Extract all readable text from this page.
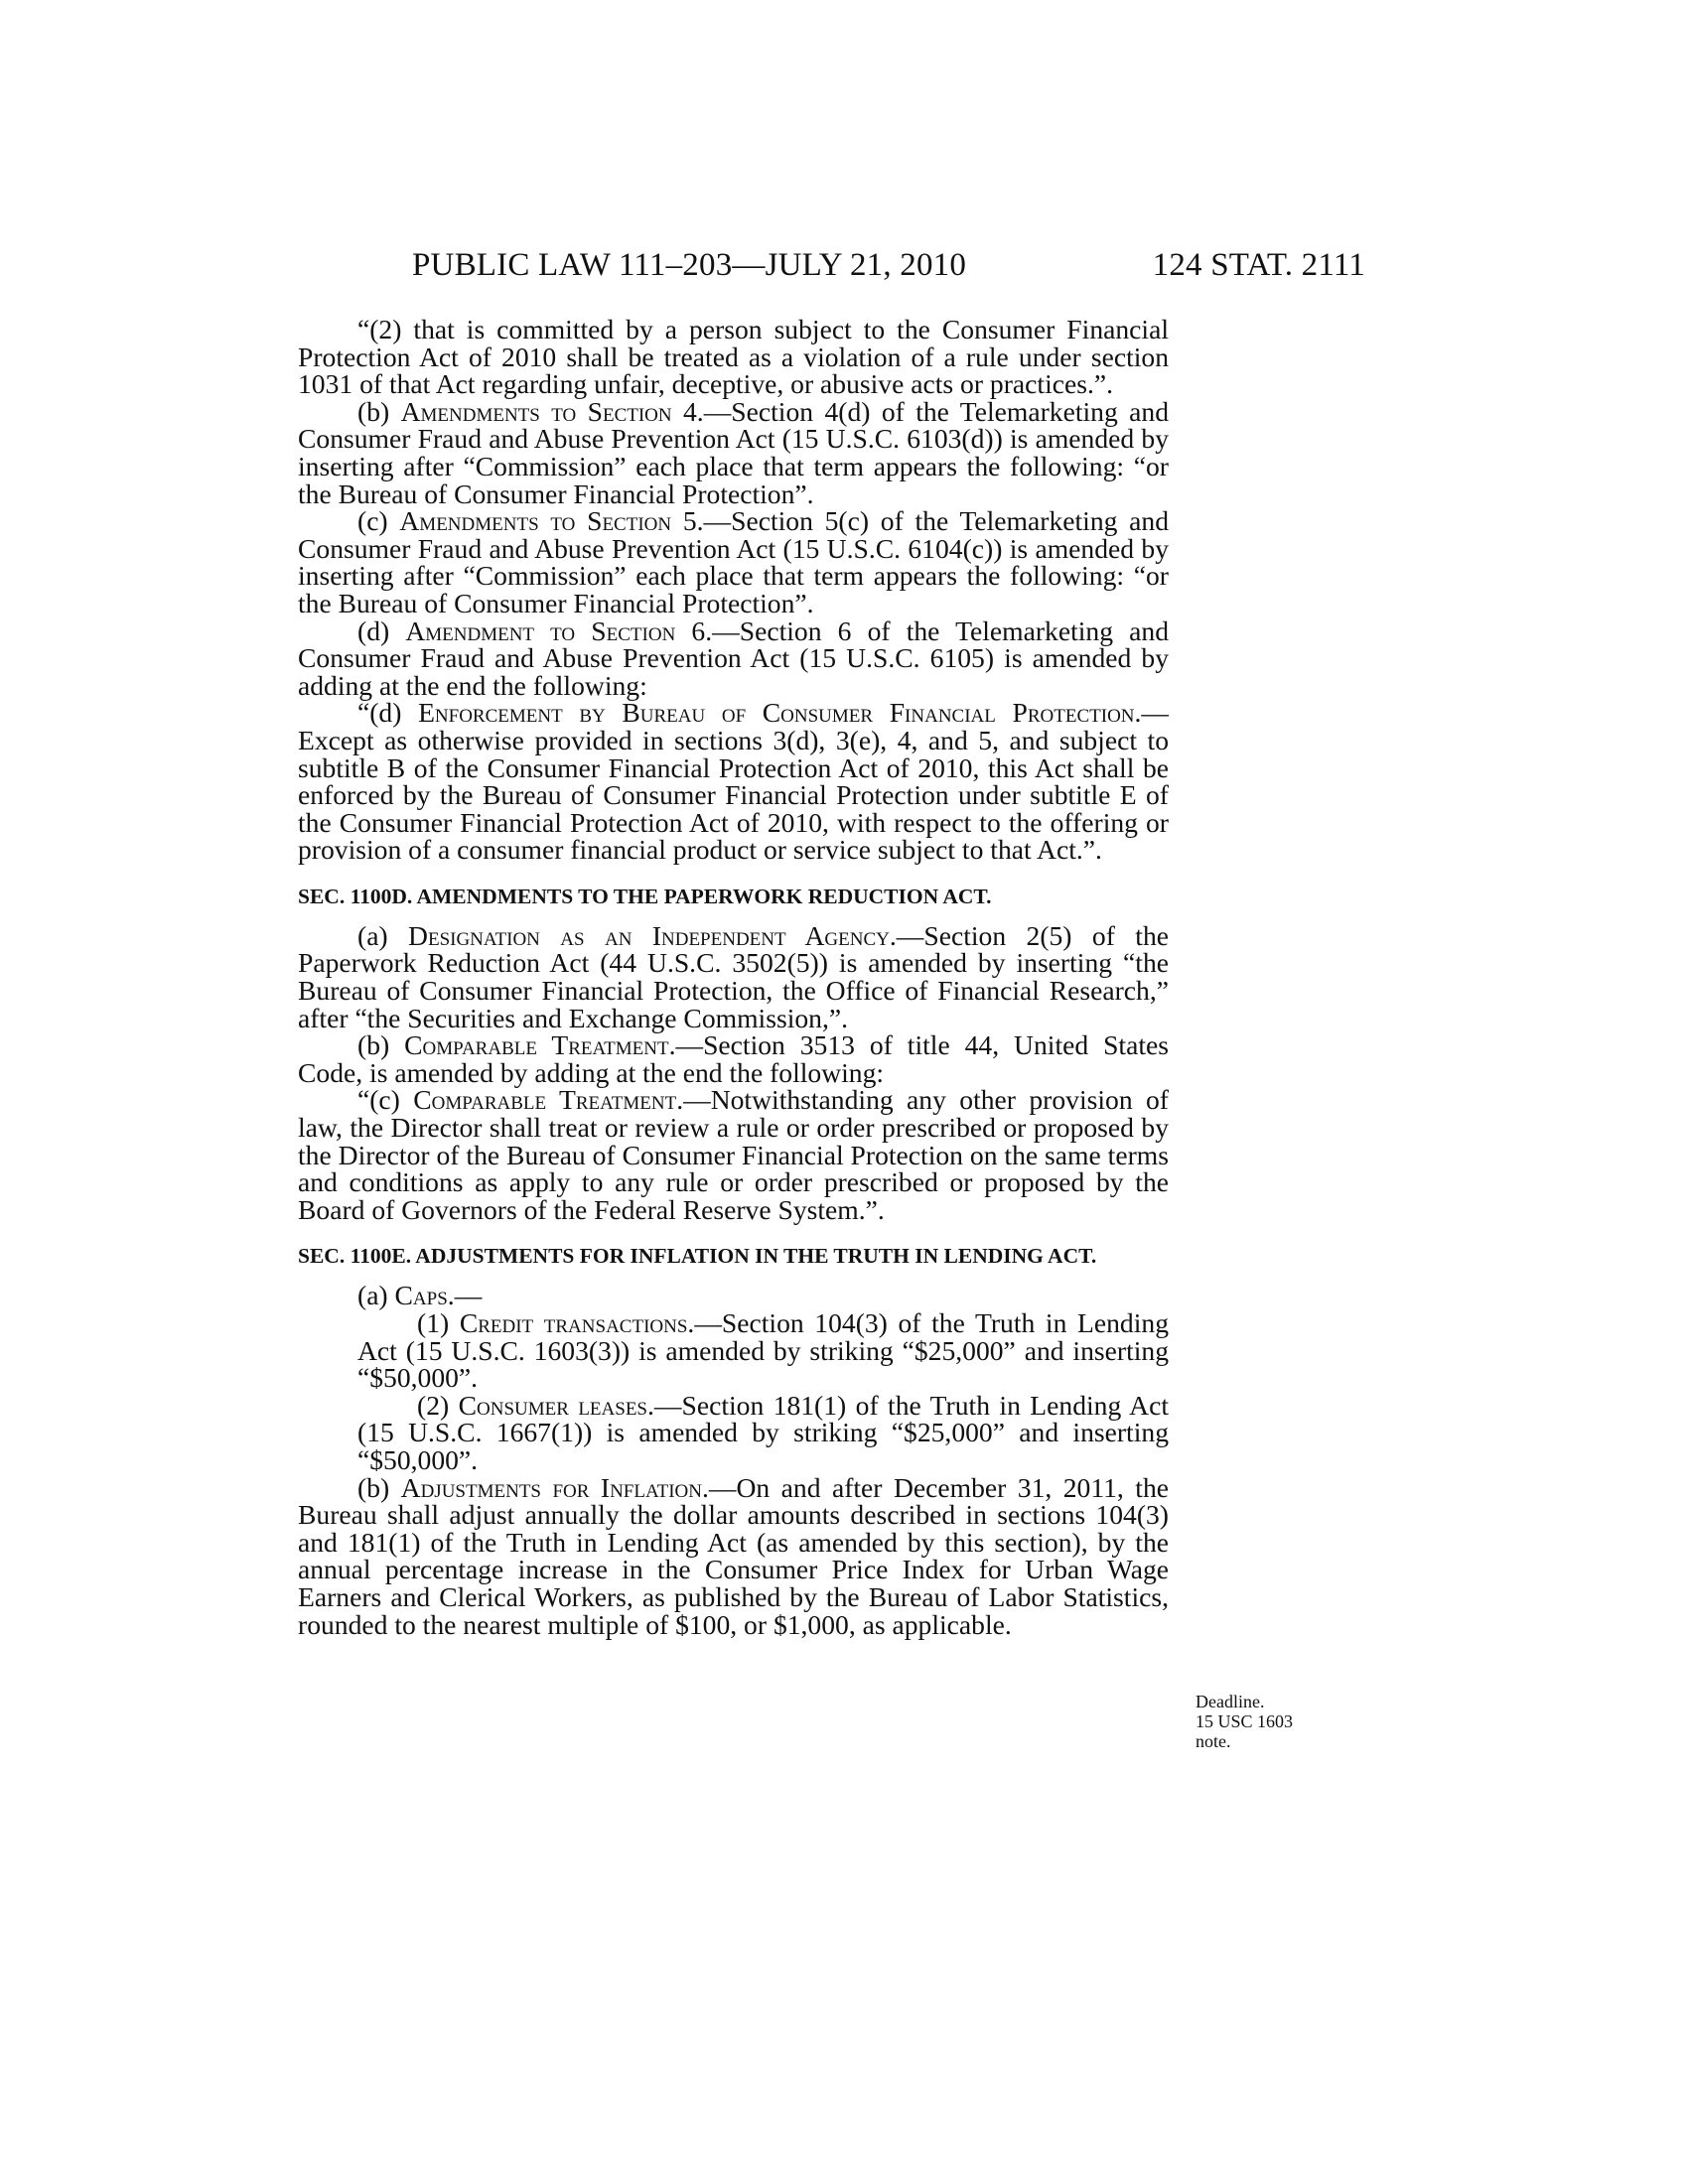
PUBLIC LAW 111–203—JULY 21, 2010	124 STAT. 2111

“(2) that is committed by a person subject to the Consumer Financial Protection Act of 2010 shall be treated as a violation of a rule under section 1031 of that Act regarding unfair, deceptive, or abusive acts or practices.”.

(b) Amendments to Section 4.—Section 4(d) of the Telemarketing and Consumer Fraud and Abuse Prevention Act (15 U.S.C. 6103(d)) is amended by inserting after “Commission” each place that term appears the following: “or the Bureau of Consumer Financial Protection”.

(c) Amendments to Section 5.—Section 5(c) of the Telemarketing and Consumer Fraud and Abuse Prevention Act (15 U.S.C. 6104(c)) is amended by inserting after “Commission” each place that term appears the following: “or the Bureau of Consumer Financial Protection”.

(d) Amendment to Section 6.—Section 6 of the Telemarketing and Consumer Fraud and Abuse Prevention Act (15 U.S.C. 6105) is amended by adding at the end the following:

“(d) Enforcement by Bureau of Consumer Financial Protection.—Except as otherwise provided in sections 3(d), 3(e), 4, and 5, and subject to subtitle B of the Consumer Financial Protection Act of 2010, this Act shall be enforced by the Bureau of Consumer Financial Protection under subtitle E of the Consumer Financial Protection Act of 2010, with respect to the offering or provision of a consumer financial product or service subject to that Act.”.

SEC. 1100D. AMENDMENTS TO THE PAPERWORK REDUCTION ACT.

(a) Designation as an Independent Agency.—Section 2(5) of the Paperwork Reduction Act (44 U.S.C. 3502(5)) is amended by inserting “the Bureau of Consumer Financial Protection, the Office of Financial Research,” after “the Securities and Exchange Commission,”.

(b) Comparable Treatment.—Section 3513 of title 44, United States Code, is amended by adding at the end the following:

“(c) Comparable Treatment.—Notwithstanding any other provision of law, the Director shall treat or review a rule or order prescribed or proposed by the Director of the Bureau of Consumer Financial Protection on the same terms and conditions as apply to any rule or order prescribed or proposed by the Board of Governors of the Federal Reserve System.”.

SEC. 1100E. ADJUSTMENTS FOR INFLATION IN THE TRUTH IN LENDING ACT.

(a) Caps.—

(1) Credit transactions.—Section 104(3) of the Truth in Lending Act (15 U.S.C. 1603(3)) is amended by striking “$25,000” and inserting “$50,000”.

(2) Consumer leases.—Section 181(1) of the Truth in Lending Act (15 U.S.C. 1667(1)) is amended by striking “$25,000” and inserting “$50,000”.

(b) Adjustments for Inflation.—On and after December 31, 2011, the Bureau shall adjust annually the dollar amounts described in sections 104(3) and 181(1) of the Truth in Lending Act (as amended by this section), by the annual percentage increase in the Consumer Price Index for Urban Wage Earners and Clerical Workers, as published by the Bureau of Labor Statistics, rounded to the nearest multiple of $100, or $1,000, as applicable.

Deadline.
15 USC 1603
note.
